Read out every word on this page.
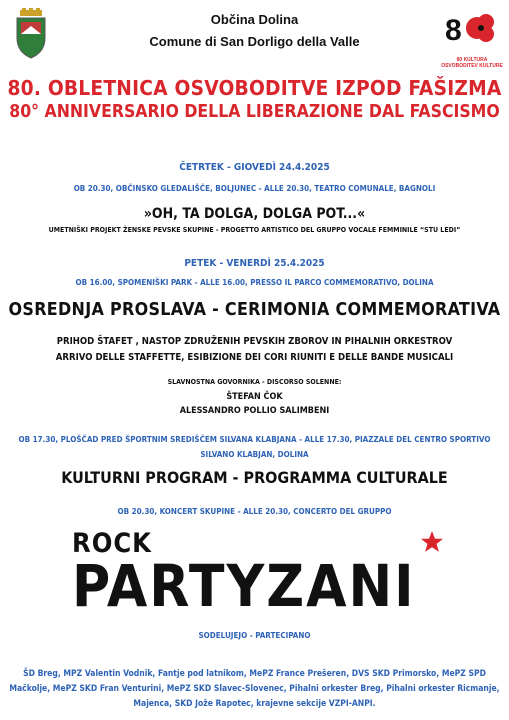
Občina Dolina
Comune di San Dorligo della Valle	8
80 KULTURA OSVOBODITEV KULTURE
80. OBLETNICA OSVOBODITVE IZPOD FAŠIZMA
80° ANNIVERSARIO DELLA LIBERAZIONE DAL FASCISMO
ČETRTEK - GIOVEDÌ 24.4.2025
OB 20.30, OBČINSKO GLEDALIŠČE, BOLJUNEC - ALLE 20.30, TEATRO COMUNALE, BAGNOLI
»OH, TA DOLGA, DOLGA POT...«
UMETNIŠKI PROJEKT ŽENSKE PEVSKE SKUPINE - PROGETTO ARTISTICO DEL GRUPPO VOCALE FEMMINILE “STU LEDI”
PETEK - VENERDÌ 25.4.2025
OB 16.00, SPOMENIŠKI PARK - ALLE 16.00, PRESSO IL PARCO COMMEMORATIVO, DOLINA
OSREDNJA PROSLAVA - CERIMONIA COMMEMORATIVA
PRIHOD ŠTAFET , NASTOP ZDRUŽENIH PEVSKIH ZBOROV IN PIHALNIH ORKESTROV
ARRIVO DELLE STAFFETTE, ESIBIZIONE DEI CORI RIUNITI E DELLE BANDE MUSICALI
SLAVNOSTNA GOVORNIKA - DISCORSO SOLENNE:
ŠTEFAN ČOK
ALESSANDRO POLLIO SALIMBENI
OB 17.30, PLOŠČAD PRED ŠPORTNIM SREDIŠČEM SILVANA KLABJANA - ALLE 17.30, PIAZZALE DEL CENTRO SPORTIVO
SILVANO KLABJAN, DOLINA
KULTURNI PROGRAM - PROGRAMMA CULTURALE
OB 20.30, KONCERT SKUPINE - ALLE 20.30, CONCERTO DEL GRUPPO
ROCK
PARTYZANI
SODELUJEJO - PARTECIPANO
ŠD Breg, MPZ Valentin Vodnik, Fantje pod latnikom, MePZ France Prešeren, DVS SKD Primorsko, MePZ SPD
Mačkolje, MePZ SKD Fran Venturini, MePZ SKD Slavec-Slovenec, Pihalni orkester Breg, Pihalni orkester Ricmanje,
Majenca, SKD Jože Rapotec, krajevne sekcije VZPI-ANPI.
